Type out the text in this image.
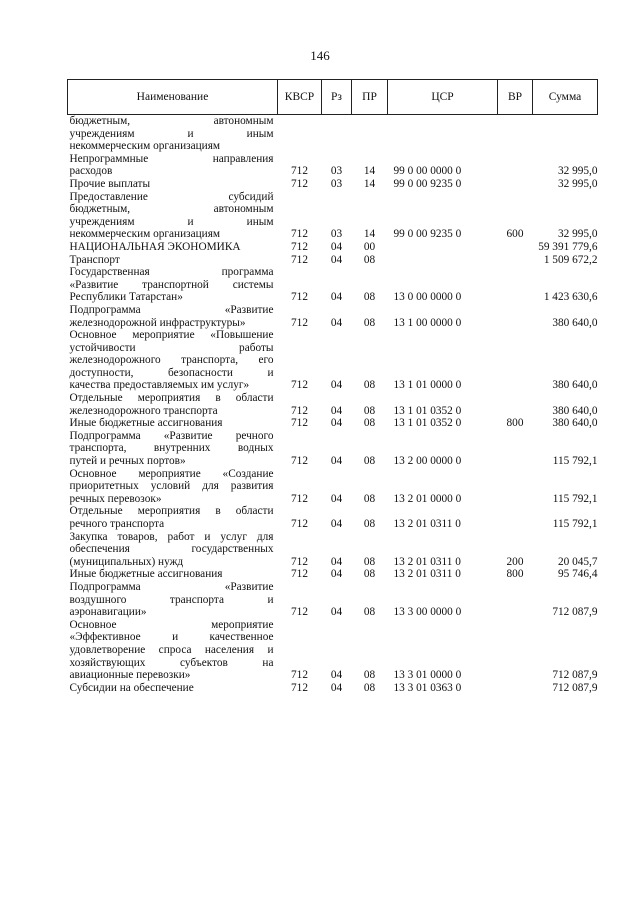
146
Наименование	КВСР	Рз	ПР	ЦСР	ВР	Сумма

бюджетным, автономным
учреждениям и иным
некоммерческим организациям						

Непрограммные направления
расходов	712	03	14	99 0 00 0000 0		32 995,0

Прочие выплаты	712	03	14	99 0 00 9235 0		32 995,0

Предоставление субсидий
бюджетным, автономным
учреждениям и иным
некоммерческим организациям	712	03	14	99 0 00 9235 0	600	32 995,0

НАЦИОНАЛЬНАЯ ЭКОНОМИКА	712	04	00			59 391 779,6

Транспорт	712	04	08			1 509 672,2

Государственная программа
«Развитие транспортной системы
Республики Татарстан»	712	04	08	13 0 00 0000 0		1 423 630,6

Подпрограмма «Развитие
железнодорожной инфраструктуры»	712	04	08	13 1 00 0000 0		380 640,0

Основное мероприятие «Повышение
устойчивости работы
железнодорожного транспорта, его
доступности, безопасности и
качества предоставляемых им услуг»	712	04	08	13 1 01 0000 0		380 640,0

Отдельные мероприятия в области
железнодорожного транспорта	712	04	08	13 1 01 0352 0		380 640,0

Иные бюджетные ассигнования	712	04	08	13 1 01 0352 0	800	380 640,0

Подпрограмма «Развитие речного
транспорта, внутренних водных
путей и речных портов»	712	04	08	13 2 00 0000 0		115 792,1

Основное мероприятие «Создание
приоритетных условий для развития
речных перевозок»	712	04	08	13 2 01 0000 0		115 792,1

Отдельные мероприятия в области
речного транспорта	712	04	08	13 2 01 0311 0		115 792,1

Закупка товаров, работ и услуг для
обеспечения государственных
(муниципальных) нужд	712	04	08	13 2 01 0311 0	200	20 045,7

Иные бюджетные ассигнования	712	04	08	13 2 01 0311 0	800	95 746,4

Подпрограмма «Развитие
воздушного транспорта и
аэронавигации»	712	04	08	13 3 00 0000 0		712 087,9

Основное мероприятие
«Эффективное и качественное
удовлетворение спроса населения и
хозяйствующих субъектов на
авиационные перевозки»	712	04	08	13 3 01 0000 0		712 087,9

Субсидии на обеспечение	712	04	08	13 3 01 0363 0		712 087,9
